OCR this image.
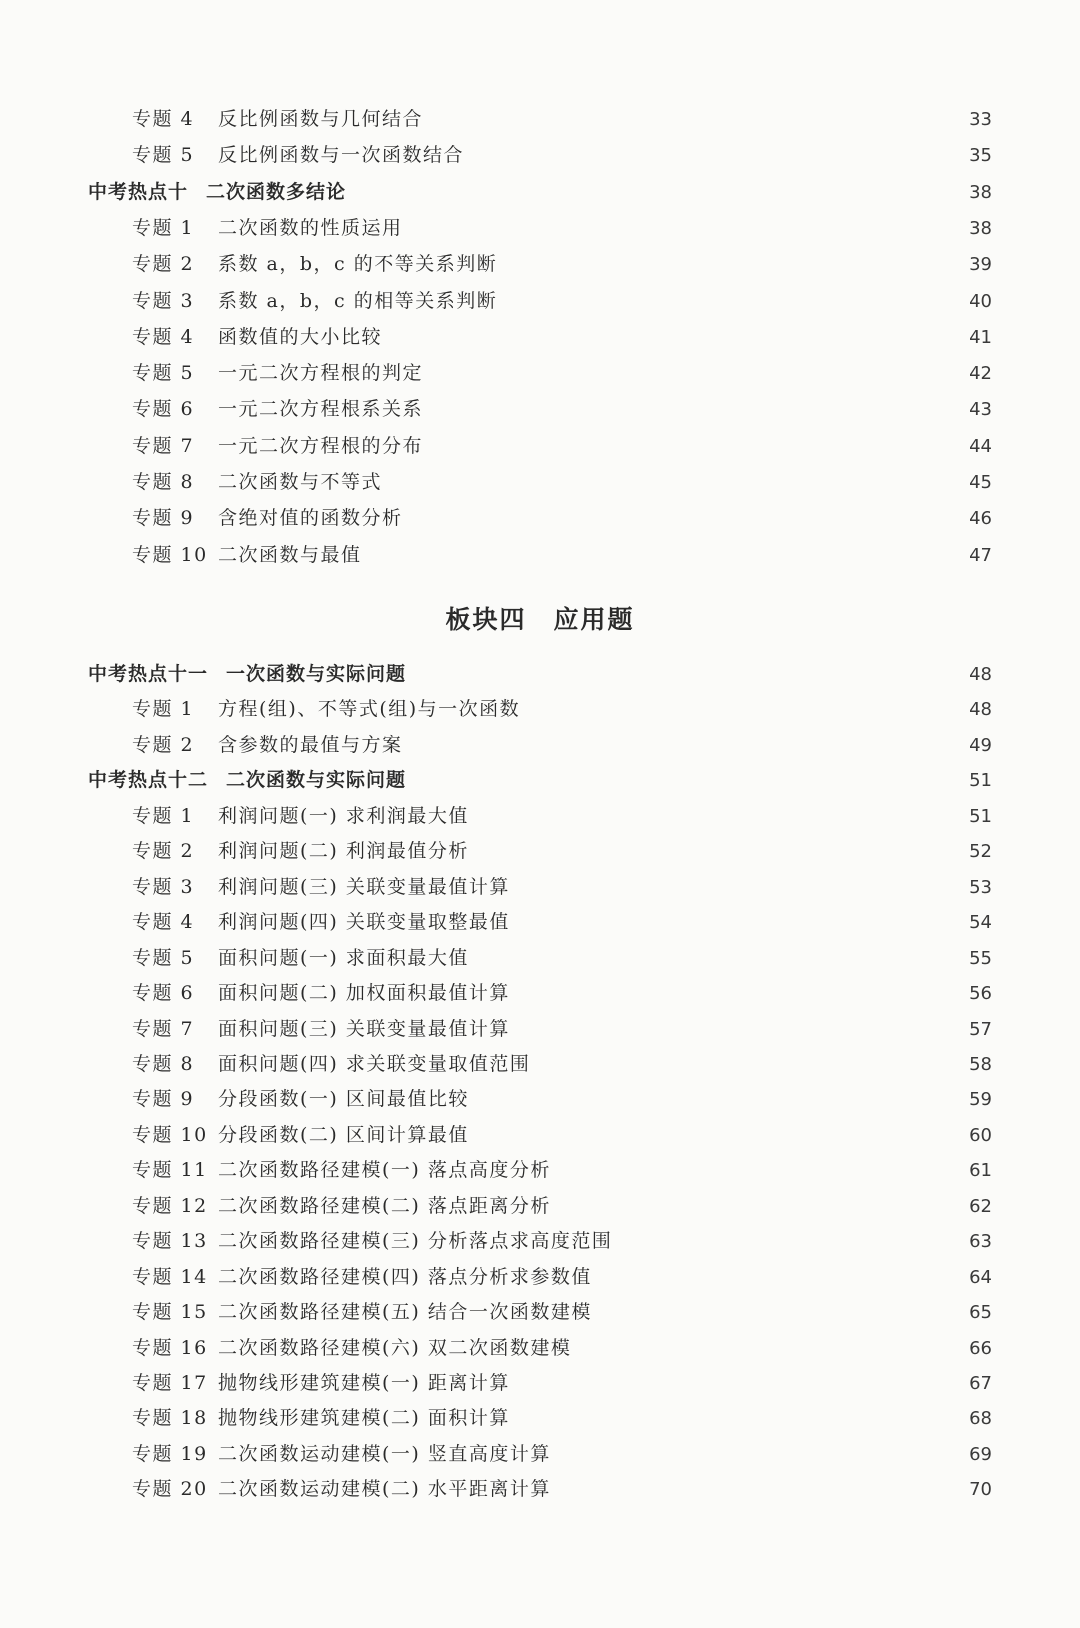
专题 4 反比例函数与几何结合	33
专题 5 反比例函数与一次函数结合	35
中考热点十 二次函数多结论	38
专题 1 二次函数的性质运用	38
专题 2 系数 a，b，c 的不等关系判断	39
专题 3 系数 a，b，c 的相等关系判断	40
专题 4 函数值的大小比较	41
专题 5 一元二次方程根的判定	42
专题 6 一元二次方程根系关系	43
专题 7 一元二次方程根的分布	44
专题 8 二次函数与不等式	45
专题 9 含绝对值的函数分析	46
专题 10 二次函数与最值	47
板块四　应用题
中考热点十一 一次函数与实际问题	48
专题 1 方程(组)、不等式(组)与一次函数	48
专题 2 含参数的最值与方案	49
中考热点十二 二次函数与实际问题	51
专题 1 利润问题(一) 求利润最大值	51
专题 2 利润问题(二) 利润最值分析	52
专题 3 利润问题(三) 关联变量最值计算	53
专题 4 利润问题(四) 关联变量取整最值	54
专题 5 面积问题(一) 求面积最大值	55
专题 6 面积问题(二) 加权面积最值计算	56
专题 7 面积问题(三) 关联变量最值计算	57
专题 8 面积问题(四) 求关联变量取值范围	58
专题 9 分段函数(一) 区间最值比较	59
专题 10 分段函数(二) 区间计算最值	60
专题 11 二次函数路径建模(一) 落点高度分析	61
专题 12 二次函数路径建模(二) 落点距离分析	62
专题 13 二次函数路径建模(三) 分析落点求高度范围	63
专题 14 二次函数路径建模(四) 落点分析求参数值	64
专题 15 二次函数路径建模(五) 结合一次函数建模	65
专题 16 二次函数路径建模(六) 双二次函数建模	66
专题 17 抛物线形建筑建模(一) 距离计算	67
专题 18 抛物线形建筑建模(二) 面积计算	68
专题 19 二次函数运动建模(一) 竖直高度计算	69
专题 20 二次函数运动建模(二) 水平距离计算	70
